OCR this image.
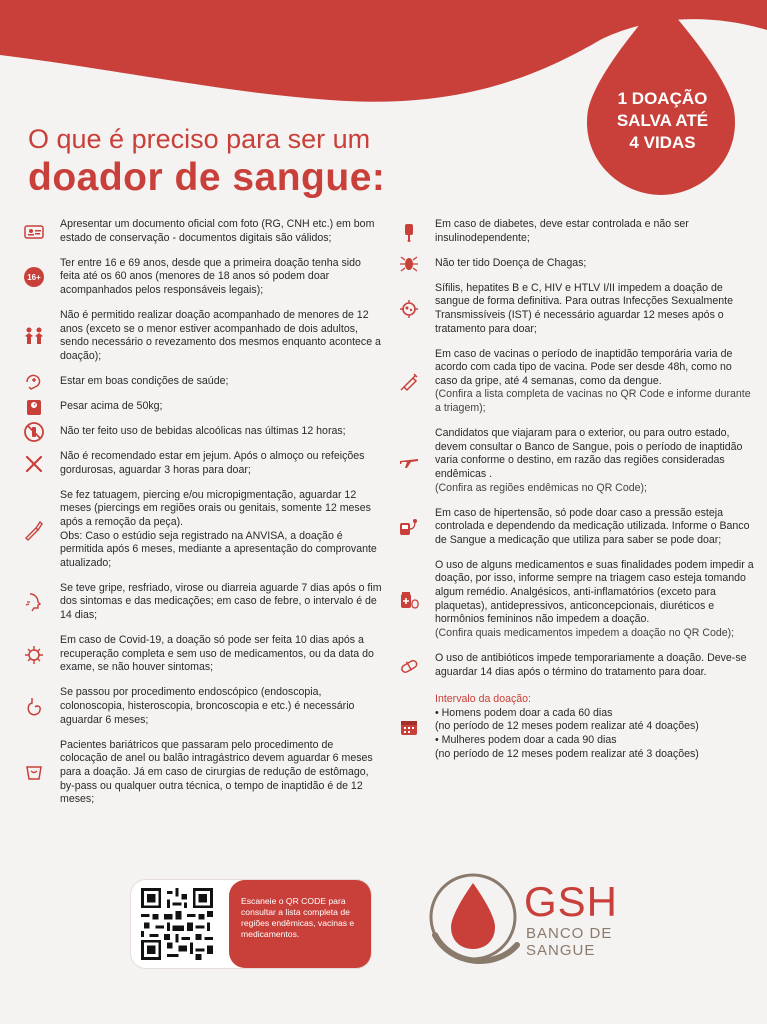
1 DOAÇÃO
SALVA ATÉ
4 VIDAS
O que é preciso para ser um
doador de sangue:

Apresentar um documento oficial com foto (RG, CNH etc.) em bom estado de conservação - documentos digitais são válidos;

16+

Ter entre 16 e 69 anos, desde que a primeira doação tenha sido feita até os 60 anos (menores de 18 anos só podem doar acompanhados pelos responsáveis legais);

Não é permitido realizar doação acompanhado de menores de 12 anos (exceto se o menor estiver acompanhado de dois adultos, sendo necessário o revezamento dos mesmos enquanto acontece a doação);

Estar em boas condições de saúde;

Pesar acima de 50kg;

Não ter feito uso de bebidas alcoólicas nas últimas 12 horas;

Não é recomendado estar em jejum. Após o almoço ou refeições gordurosas, aguardar 3 horas para doar;

Se fez tatuagem, piercing e/ou micropigmentação, aguardar 12 meses (piercings em regiões orais ou genitais, somente 12 meses após a remoção da peça).

Obs: Caso o estúdio seja registrado na ANVISA, a doação é permitida após 6 meses, mediante a apresentação do comprovante atualizado;

Se teve gripe, resfriado, virose ou diarreia aguarde 7 dias após o fim dos sintomas e das medicações; em caso de febre, o intervalo é de 14 dias;

Em caso de Covid-19, a doação só pode ser feita 10 dias após a recuperação completa e sem uso de medicamentos, ou da data do exame, se não houver sintomas;

Se passou por procedimento endoscópico (endoscopia, colonoscopia, histeroscopia, broncoscopia e etc.) é necessário aguardar 6 meses;

Pacientes bariátricos que passaram pelo procedimento de colocação de anel ou balão intragástrico devem aguardar 6 meses para a doação. Já em caso de cirurgias de redução de estômago, by-pass ou qualquer outra técnica, o tempo de inaptidão é de 12 meses;

Em caso de diabetes, deve estar controlada e não ser insulinodependente;

Não ter tido Doença de Chagas;

Sífilis, hepatites B e C, HIV e HTLV I/II impedem a doação de sangue de forma definitiva. Para outras Infecções Sexualmente Transmissíveis (IST) é necessário aguardar 12 meses após o tratamento para doar;

Em caso de vacinas o período de inaptidão temporária varia de acordo com cada tipo de vacina. Pode ser desde 48h, como no caso da gripe, até 4 semanas, como da dengue.

(Confira a lista completa de vacinas no QR Code e informe durante a triagem);

Candidatos que viajaram para o exterior, ou para outro estado, devem consultar o Banco de Sangue, pois o período de inaptidão varia conforme o destino, em razão das regiões consideradas endêmicas .

(Confira as regiões endêmicas no QR Code);

Em caso de hipertensão, só pode doar caso a pressão esteja controlada e dependendo da medicação utilizada. Informe o Banco de Sangue a medicação que utiliza para saber se pode doar;

O uso de alguns medicamentos e suas finalidades podem impedir a doação, por isso, informe sempre na triagem caso esteja tomando algum remédio. Analgésicos, anti-inflamatórios (exceto para plaquetas), antidepressivos, anticoncepcionais, diuréticos e hormônios femininos não impedem a doação.

(Confira quais medicamentos impedem a doação no QR Code);

O uso de antibióticos impede temporariamente a doação. Deve-se aguardar 14 dias após o término do tratamento para doar.

Intervalo da doação:

• Homens podem doar a cada 60 dias

(no período de 12 meses podem realizar até 4 doações)

• Mulheres podem doar a cada 90 dias

(no período de 12 meses podem realizar até 3 doações)

Escaneie o QR CODE para consultar a lista completa de regiões endêmicas, vacinas e medicamentos.
GSH
BANCO DE
SANGUE
